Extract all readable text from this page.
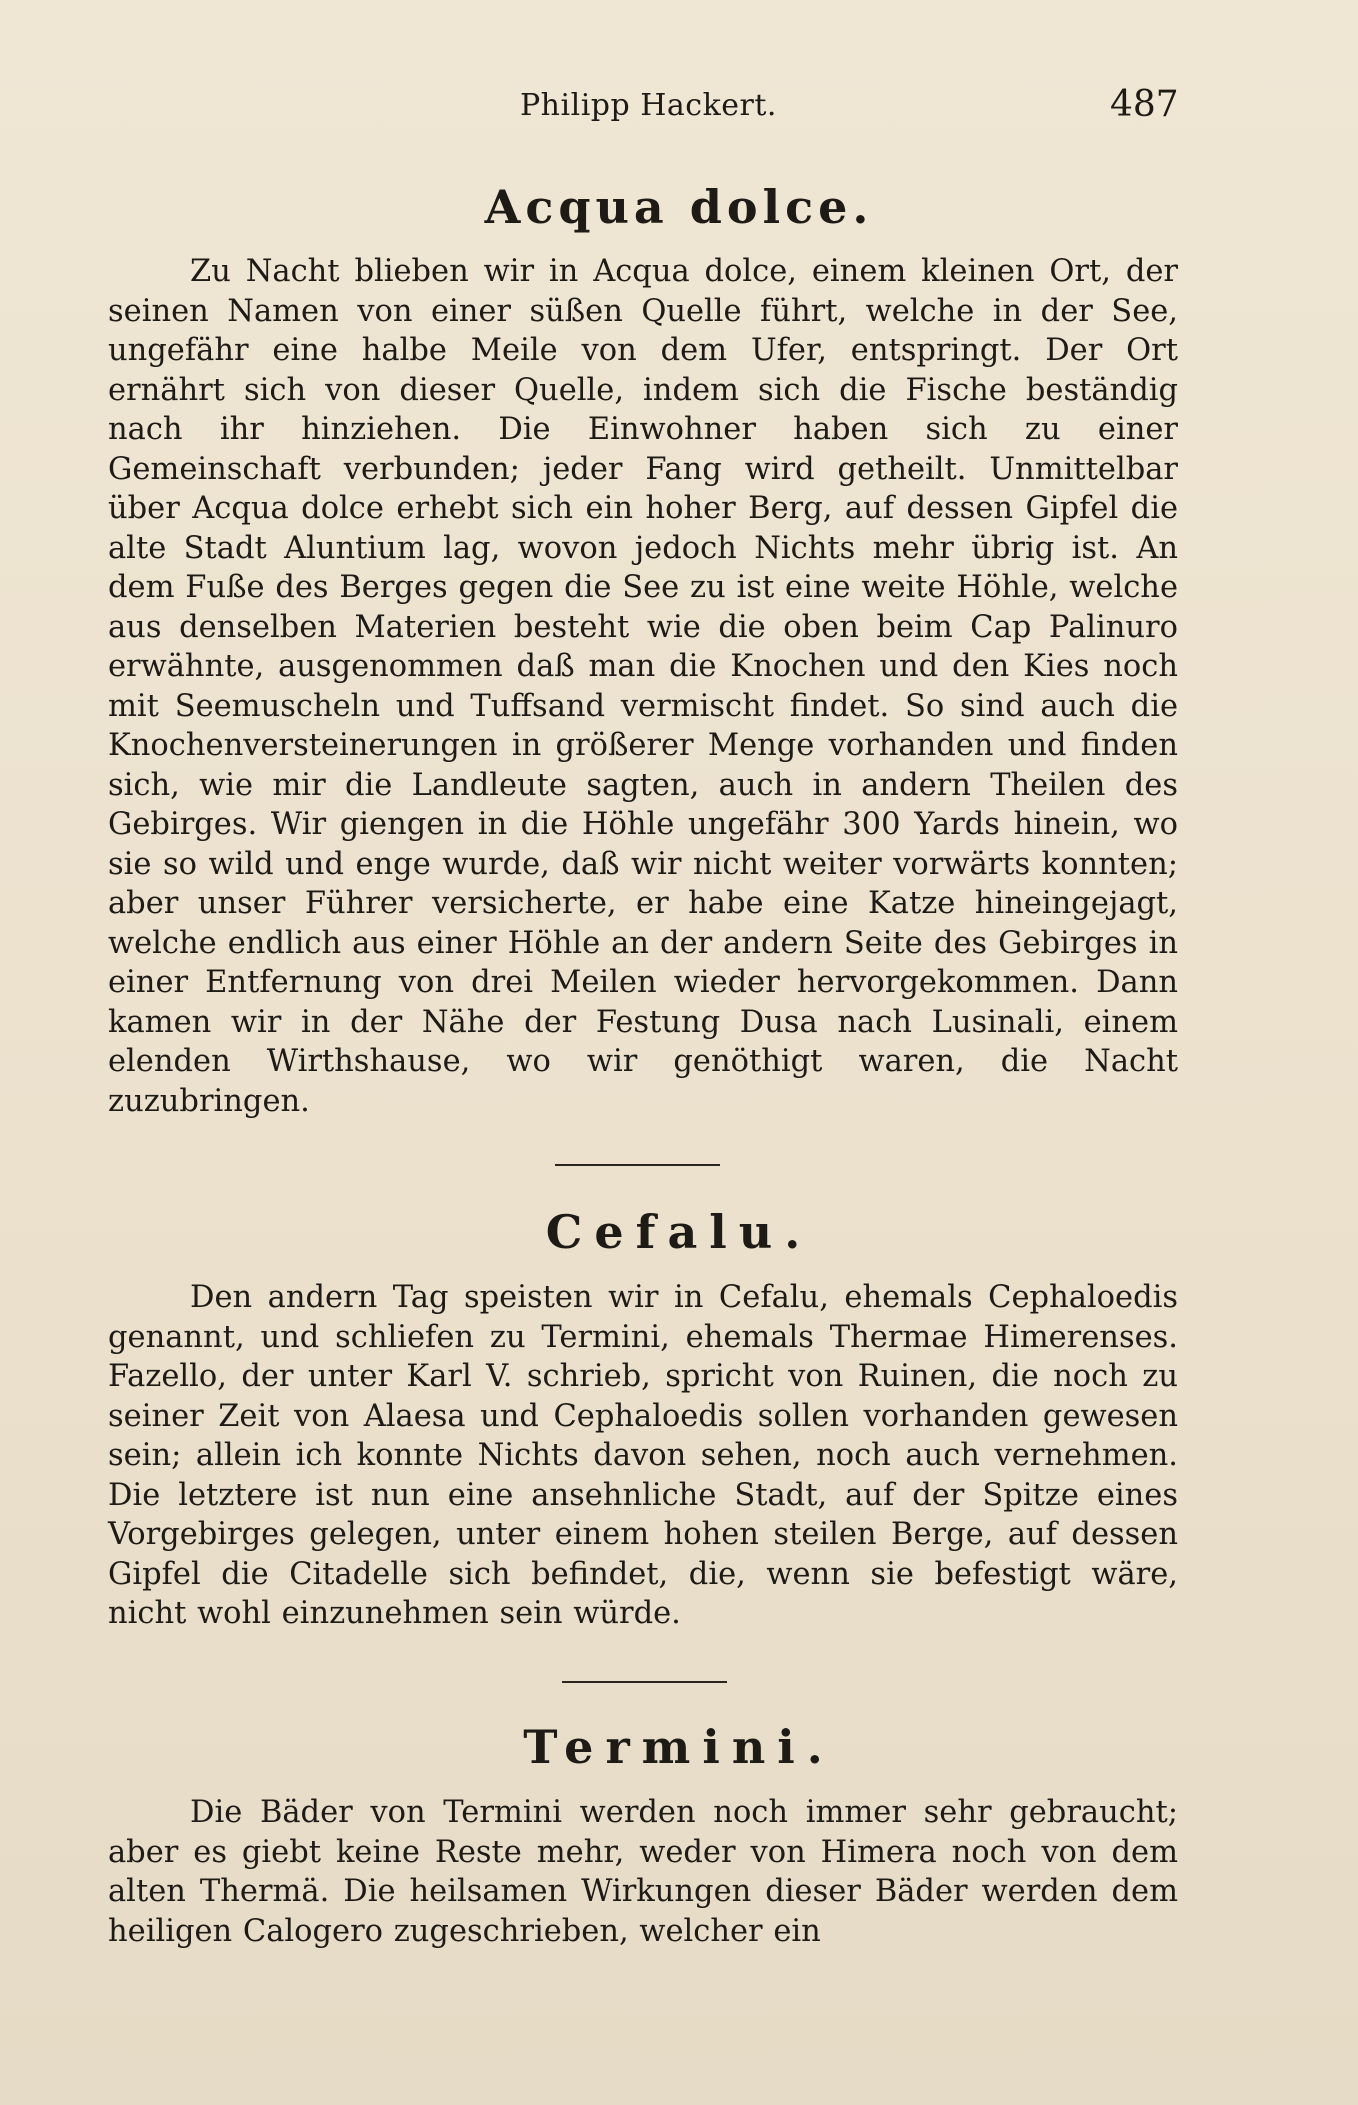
Philipp Hackert.	487
Acqua dolce.

Zu Nacht blieben wir in Acqua dolce, einem kleinen Ort, der seinen Namen von einer süßen Quelle führt, welche in der See, ungefähr eine halbe Meile von dem Ufer, entspringt. Der Ort ernährt sich von dieser Quelle, indem sich die Fische beständig nach ihr hinziehen. Die Einwohner haben sich zu einer Gemeinschaft verbunden; jeder Fang wird getheilt. Unmittelbar über Acqua dolce erhebt sich ein hoher Berg, auf dessen Gipfel die alte Stadt Aluntium lag, wovon jedoch Nichts mehr übrig ist. An dem Fuße des Berges gegen die See zu ist eine weite Höhle, welche aus denselben Materien besteht wie die oben beim Cap Palinuro erwähnte, ausgenommen daß man die Knochen und den Kies noch mit Seemuscheln und Tuffsand vermischt findet. So sind auch die Knochenversteinerungen in größerer Menge vorhanden und finden sich, wie mir die Landleute sagten, auch in andern Theilen des Gebirges. Wir giengen in die Höhle ungefähr 300 Yards hinein, wo sie so wild und enge wurde, daß wir nicht weiter vorwärts konnten; aber unser Führer versicherte, er habe eine Katze hineingejagt, welche endlich aus einer Höhle an der andern Seite des Gebirges in einer Entfernung von drei Meilen wieder hervorgekommen. Dann kamen wir in der Nähe der Festung Dusa nach Lusinali, einem elenden Wirthshause, wo wir genöthigt waren, die Nacht zuzubringen.

Cefalu.

Den andern Tag speisten wir in Cefalu, ehemals Cephaloedis genannt, und schliefen zu Termini, ehemals Thermae Himerenses. Fazello, der unter Karl V. schrieb, spricht von Ruinen, die noch zu seiner Zeit von Alaesa und Cephaloedis sollen vorhanden gewesen sein; allein ich konnte Nichts davon sehen, noch auch vernehmen. Die letztere ist nun eine ansehnliche Stadt, auf der Spitze eines Vorgebirges gelegen, unter einem hohen steilen Berge, auf dessen Gipfel die Citadelle sich befindet, die, wenn sie befestigt wäre, nicht wohl einzunehmen sein würde.

Termini.

Die Bäder von Termini werden noch immer sehr gebraucht; aber es giebt keine Reste mehr, weder von Himera noch von dem alten Thermä. Die heilsamen Wirkungen dieser Bäder werden dem heiligen Calogero zugeschrieben, welcher ein
